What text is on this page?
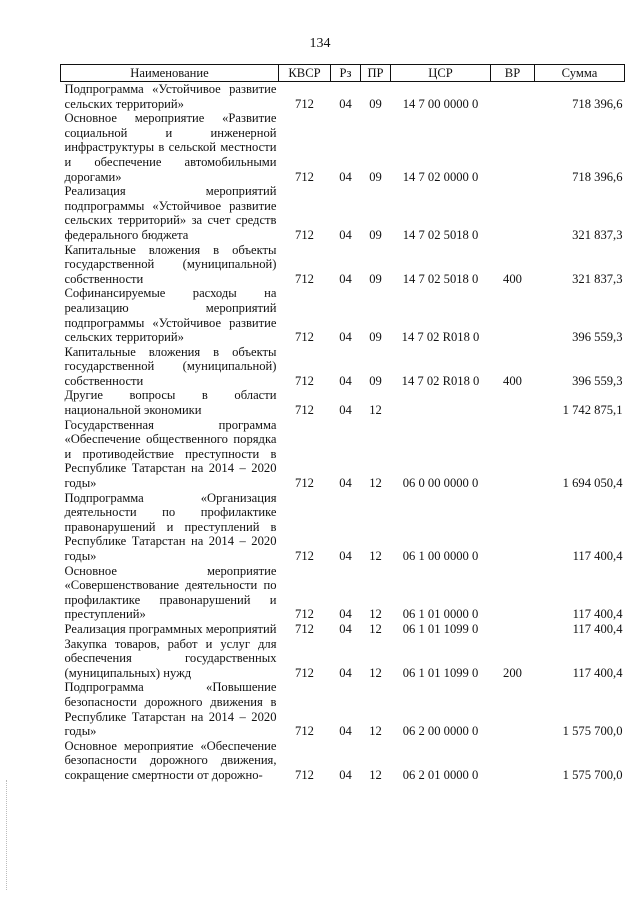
134
Наименование	КВСР	Рз	ПР	ЦСР	ВР	Сумма
Подпрограмма «Устойчивое развитие сельских территорий»	712	04	09	14 7 00 0000 0		718 396,6
Основное мероприятие «Развитие социальной и инженерной инфраструктуры в сельской местности и обеспечение автомобильными дорогами»	712	04	09	14 7 02 0000 0		718 396,6
Реализация мероприятий подпрограммы «Устойчивое развитие сельских территорий» за счет средств федерального бюджета	712	04	09	14 7 02 5018 0		321 837,3
Капитальные вложения в объекты государственной (муниципальной) собственности	712	04	09	14 7 02 5018 0	400	321 837,3
Софинансируемые расходы на реализацию мероприятий подпрограммы «Устойчивое развитие сельских территорий»	712	04	09	14 7 02 R018 0		396 559,3
Капитальные вложения в объекты государственной (муниципальной) собственности	712	04	09	14 7 02 R018 0	400	396 559,3
Другие вопросы в области национальной экономики	712	04	12			1 742 875,1
Государственная программа «Обеспечение общественного порядка и противодействие преступности в Республике Татарстан на 2014 – 2020 годы»	712	04	12	06 0 00 0000 0		1 694 050,4
Подпрограмма «Организация деятельности по профилактике правонарушений и преступлений в Республике Татарстан на 2014 – 2020 годы»	712	04	12	06 1 00 0000 0		117 400,4
Основное мероприятие «Совершенствование деятельности по профилактике правонарушений и преступлений»	712	04	12	06 1 01 0000 0		117 400,4
Реализация программных мероприятий	712	04	12	06 1 01 1099 0		117 400,4
Закупка товаров, работ и услуг для обеспечения государственных (муниципальных) нужд	712	04	12	06 1 01 1099 0	200	117 400,4
Подпрограмма «Повышение безопасности дорожного движения в Республике Татарстан на 2014 – 2020 годы»	712	04	12	06 2 00 0000 0		1 575 700,0
Основное мероприятие «Обеспечение безопасности дорожного движения, сокращение смертности от дорожно-	712	04	12	06 2 01 0000 0		1 575 700,0
